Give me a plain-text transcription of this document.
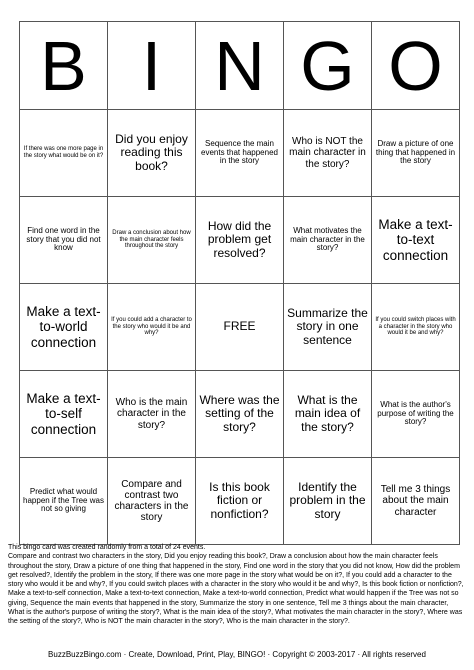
B	I	N	G	O
If there was one more page in the story what would be on it?	Did you enjoy reading this book?	Sequence the main events that happened in the story	Who is NOT the main character in the story?	Draw a picture of one thing that happened in the story
Find one word in the story that you did not know	Draw a conclusion about how the main character feels throughout the story	How did the problem get resolved?	What motivates the main character in the story?	Make a text-to-text connection
Make a text-to-world connection	If you could add a character to the story who would it be and why?	FREE	Summarize the story in one sentence	If you could switch places with a character in the story who would it be and why?
Make a text-to-self connection	Who is the main character in the story?	Where was the setting of the story?	What is the main idea of the story?	What is the author's purpose of writing the story?
Predict what would happen if the Tree was not so giving	Compare and contrast two characters in the story	Is this book fiction or nonfiction?	Identify the problem in the story	Tell me 3 things about the main character
This bingo card was created randomly from a total of 24 events.
Compare and contrast two characters in the story, Did you enjoy reading this book?, Draw a conclusion about how the main character feels throughout the story, Draw a picture of one thing that happened in the story, Find one word in the story that you did not know, How did the problem get resolved?, Identify the problem in the story, If there was one more page in the story what would be on it?, If you could add a character to the story who would it be and why?, If you could switch places with a character in the story who would it be and why?, Is this book fiction or nonfiction?, Make a text-to-self connection, Make a text-to-text connection, Make a text-to-world connection, Predict what would happen if the Tree was not so giving, Sequence the main events that happened in the story, Summarize the story in one sentence, Tell me 3 things about the main character, What is the author's purpose of writing the story?, What is the main idea of the story?, What motivates the main character in the story?, Where was the setting of the story?, Who is NOT the main character in the story?, Who is the main character in the story?.
BuzzBuzzBingo.com · Create, Download, Print, Play, BINGO! · Copyright © 2003-2017 · All rights reserved
